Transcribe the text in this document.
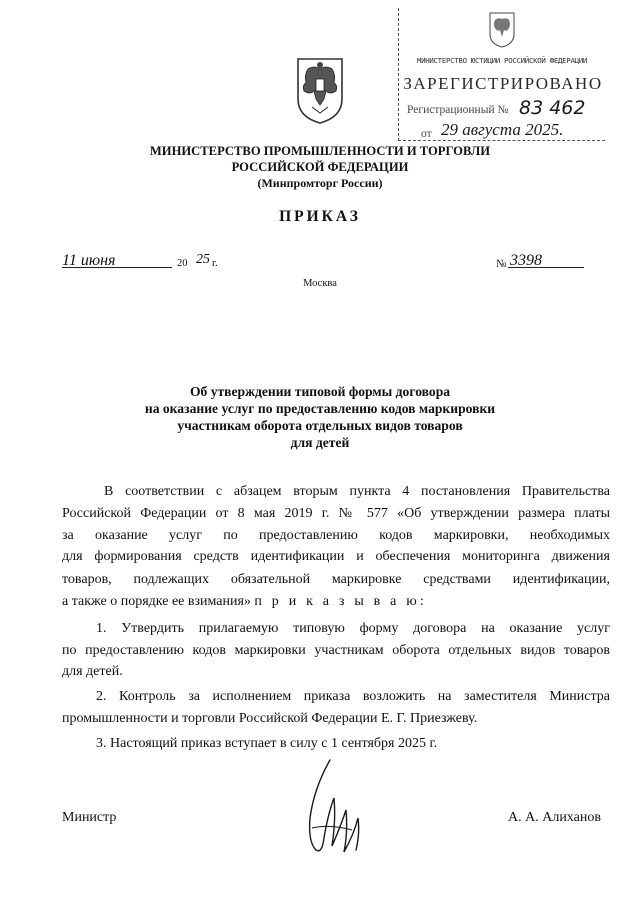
МИНИСТЕРСТВО ЮСТИЦИИ РОССИЙСКОЙ ФЕДЕРАЦИИ
ЗАРЕГИСТРИРОВАНО
Регистрационный № 83 462
от 29 августа 2025.
МИНИСТЕРСТВО ПРОМЫШЛЕННОСТИ И ТОРГОВЛИ
РОССИЙСКОЙ ФЕДЕРАЦИИ
(Минпромторг России)
ПРИКАЗ
11 июня	20 25 г.	№ 3398
Москва
Об утверждении типовой формы договора
на оказание услуг по предоставлению кодов маркировки
участникам оборота отдельных видов товаров
для детей
В соответствии с абзацем вторым пункта 4 постановления Правительства
Российской Федерации от 8 мая 2019 г. № 577 «Об утверждении размера платы
за оказание услуг по предоставлению кодов маркировки, необходимых
для формирования средств идентификации и обеспечения мониторинга движения
товаров, подлежащих обязательной маркировке средствами идентификации,
а также о порядке ее взимания» п р и к а з ы в а ю:
1. Утвердить прилагаемую типовую форму договора на оказание услуг
по предоставлению кодов маркировки участникам оборота отдельных видов товаров
для детей.
2. Контроль за исполнением приказа возложить на заместителя Министра
промышленности и торговли Российской Федерации Е. Г. Приезжеву.
3. Настоящий приказ вступает в силу с 1 сентября 2025 г.
Министр	А. А. Алиханов
